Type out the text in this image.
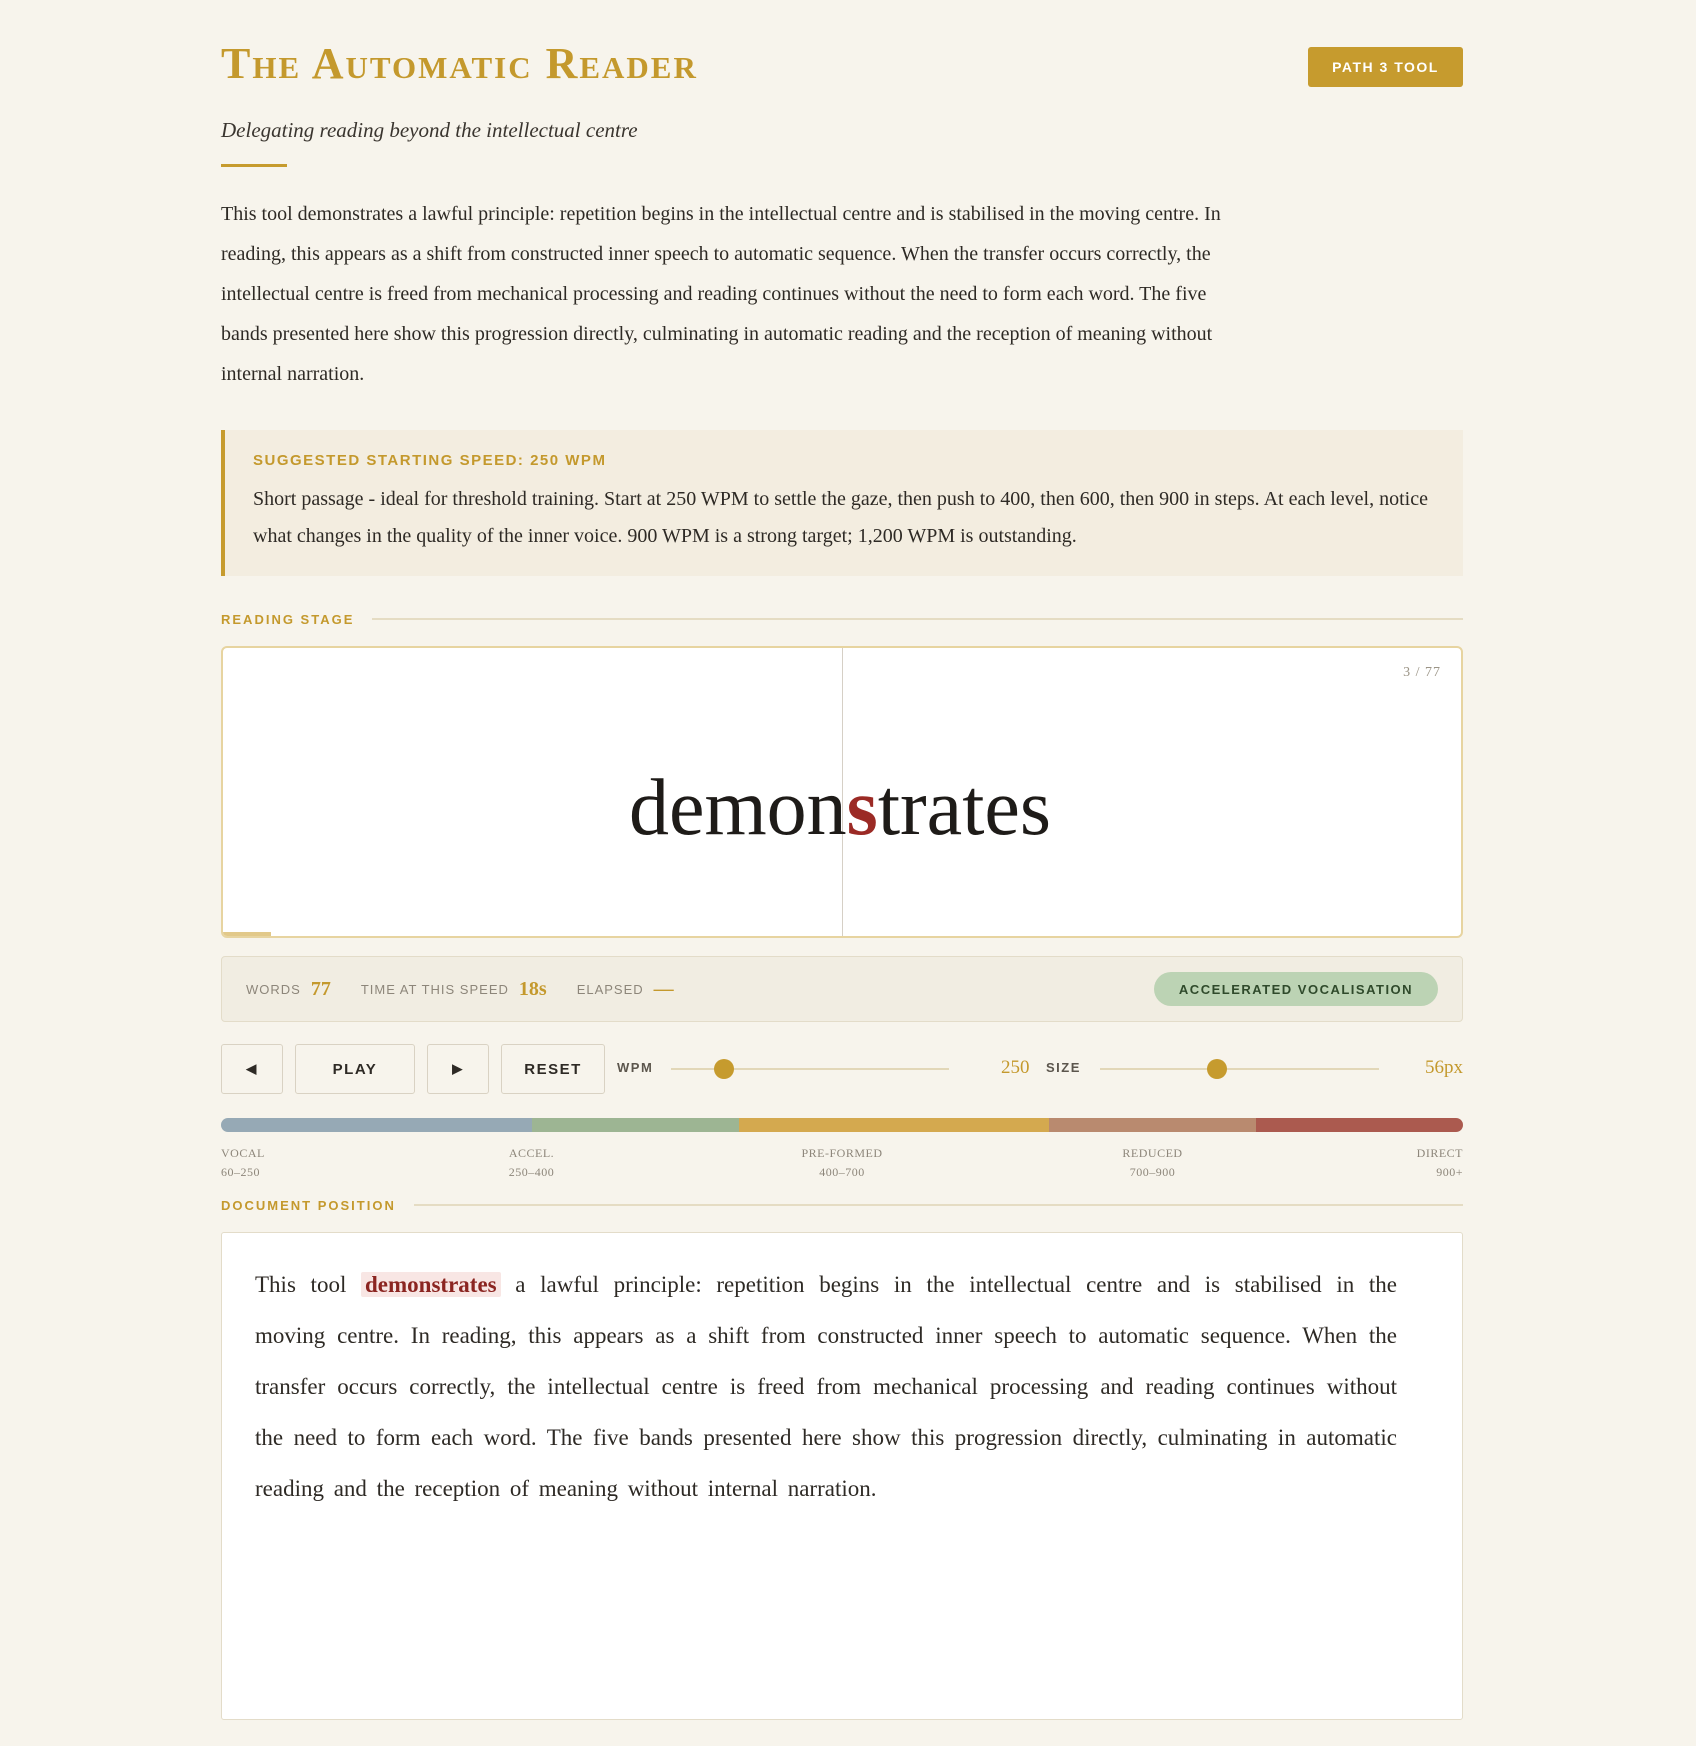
The Automatic Reader	PATH 3 TOOL
Delegating reading beyond the intellectual centre

This tool demonstrates a lawful principle: repetition begins in the intellectual centre and is stabilised in the moving centre. In reading, this appears as a shift from constructed inner speech to automatic sequence. When the transfer occurs correctly, the intellectual centre is freed from mechanical processing and reading continues without the need to form each word. The five bands presented here show this progression directly, culminating in automatic reading and the reception of meaning without internal narration.

SUGGESTED STARTING SPEED: 250 WPM
Short passage - ideal for threshold training. Start at 250 WPM to settle the gaze, then push to 400, then 600, then 900 in steps. At each level, notice what changes in the quality of the inner voice. 900 WPM is a strong target; 1,200 WPM is outstanding.
READING STAGE
3 / 77
demonstrates
WORDS 77 TIME AT THIS SPEED 18s ELAPSED —	ACCELERATED VOCALISATION
◀	PLAY	▶	RESET	WPM	250 SIZE	56px
VOCAL
60–250
ACCEL.
250–400
PRE-FORMED
400–700
REDUCED
700–900
DIRECT
900+
DOCUMENT POSITION
This tool demonstrates a lawful principle: repetition begins in the intellectual centre and is stabilised in the moving centre. In reading, this appears as a shift from constructed inner speech to automatic sequence. When the transfer occurs correctly, the intellectual centre is freed from mechanical processing and reading continues without the need to form each word. The five bands presented here show this progression directly, culminating in automatic reading and the reception of meaning without internal narration.
